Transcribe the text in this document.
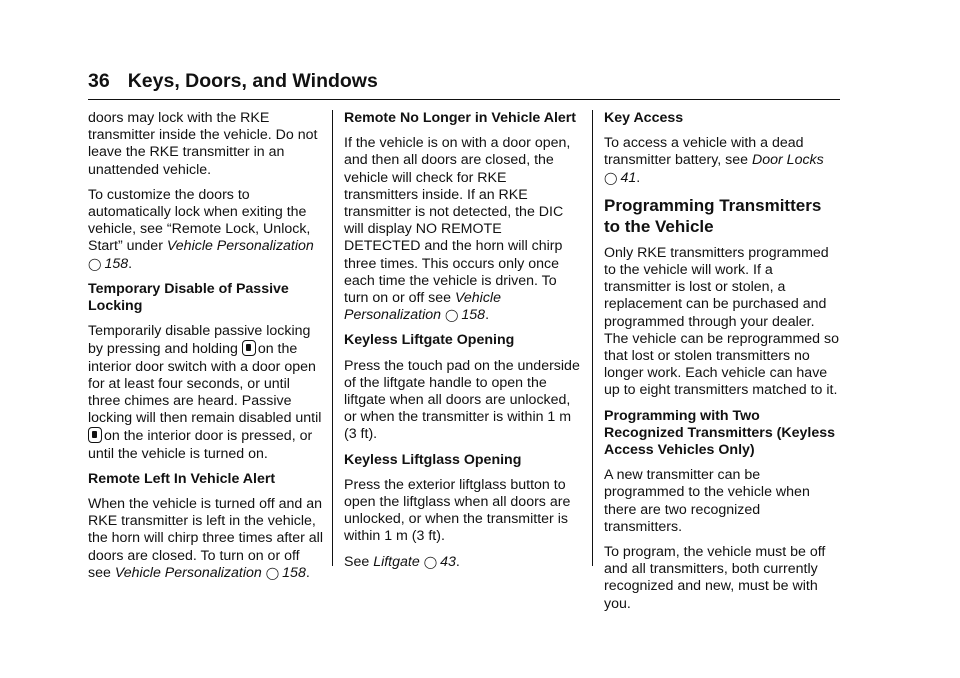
36 Keys, Doors, and Windows

doors may lock with the RKE transmitter inside the vehicle. Do not leave the RKE transmitter in an unattended vehicle.

To customize the doors to automatically lock when exiting the vehicle, see “Remote Lock, Unlock, Start” under Vehicle Personalization
◯ 158.

Temporary Disable of Passive Locking

Temporarily disable passive locking by pressing and holding on the interior door switch with a door open for at least four seconds, or until three chimes are heard. Passive locking will then remain disabled until on the interior door is pressed, or until the vehicle is turned on.

Remote Left In Vehicle Alert

When the vehicle is turned off and an RKE transmitter is left in the vehicle, the horn will chirp three times after all doors are closed. To turn on or off see Vehicle Personalization ◯ 158.

Remote No Longer in Vehicle Alert

If the vehicle is on with a door open, and then all doors are closed, the vehicle will check for RKE transmitters inside. If an RKE transmitter is not detected, the DIC will display NO REMOTE DETECTED and the horn will chirp three times. This occurs only once each time the vehicle is driven. To turn on or off see Vehicle Personalization ◯ 158.

Keyless Liftgate Opening

Press the touch pad on the underside of the liftgate handle to open the liftgate when all doors are unlocked, or when the transmitter is within 1 m (3 ft).

Keyless Liftglass Opening

Press the exterior liftglass button to open the liftglass when all doors are unlocked, or when the transmitter is within 1 m (3 ft).

See Liftgate ◯ 43.

Key Access

To access a vehicle with a dead transmitter battery, see Door Locks
◯ 41.

Programming Transmitters to the Vehicle

Only RKE transmitters programmed to the vehicle will work. If a transmitter is lost or stolen, a replacement can be purchased and programmed through your dealer. The vehicle can be reprogrammed so that lost or stolen transmitters no longer work. Each vehicle can have up to eight transmitters matched to it.

Programming with Two Recognized Transmitters (Keyless Access Vehicles Only)

A new transmitter can be programmed to the vehicle when there are two recognized transmitters.

To program, the vehicle must be off and all transmitters, both currently recognized and new, must be with you.
